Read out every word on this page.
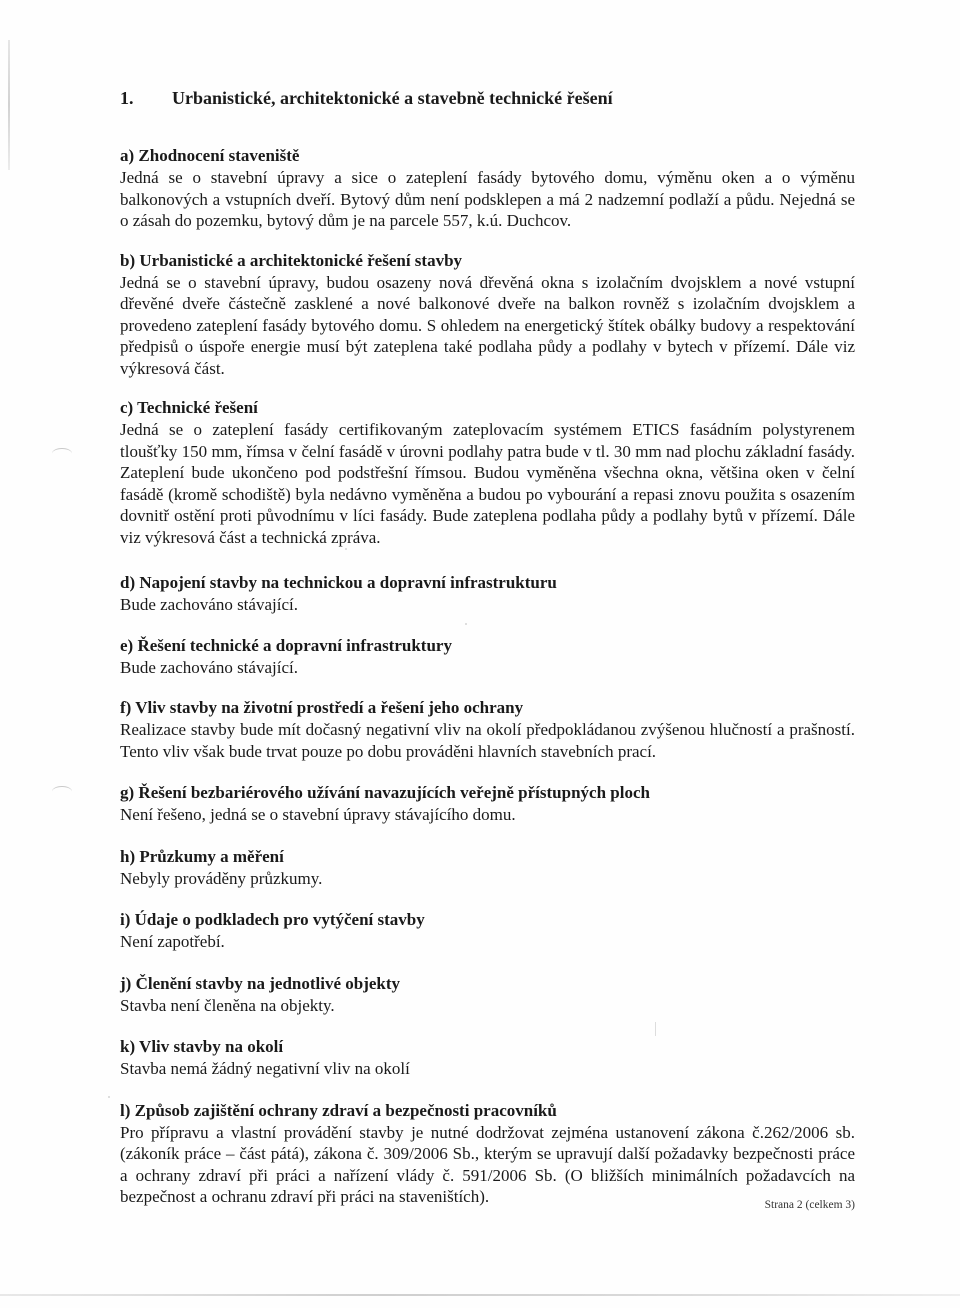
1. Urbanistické, architektonické a stavebně technické řešení

a) Zhodnocení staveniště

Jedná se o stavební úpravy a sice o zateplení fasády bytového domu, výměnu oken a o výměnu balkonových a vstupních dveří. Bytový dům není podsklepen a má 2 nadzemní podlaží a půdu. Nejedná se o zásah do pozemku, bytový dům je na parcele 557, k.ú. Duchcov.

b) Urbanistické a architektonické řešení stavby

Jedná se o stavební úpravy, budou osazeny nová dřevěná okna s izolačním dvojsklem a nové vstupní dřevěné dveře částečně zasklené a nové balkonové dveře na balkon rovněž s izolačním dvojsklem a provedeno zateplení fasády bytového domu. S ohledem na energetický štítek obálky budovy a respektování předpisů o úspoře energie musí být zateplena také podlaha půdy a podlahy v bytech v přízemí. Dále viz výkresová část.

c) Technické řešení

Jedná se o zateplení fasády certifikovaným zateplovacím systémem ETICS fasádním polystyrenem tloušťky 150 mm, římsa v čelní fasádě v úrovni podlahy patra bude v tl. 30 mm nad plochu základní fasády. Zateplení bude ukončeno pod podstřešní římsou. Budou vyměněna všechna okna, většina oken v čelní fasádě (kromě schodiště) byla nedávno vyměněna a budou po vybourání a repasi znovu použita s osazením dovnitř ostění proti původnímu v líci fasády. Bude zateplena podlaha půdy a podlahy bytů v přízemí. Dále viz výkresová část a technická zpráva.

d) Napojení stavby na technickou a dopravní infrastrukturu

Bude zachováno stávající.

e) Řešení technické a dopravní infrastruktury

Bude zachováno stávající.

f) Vliv stavby na životní prostředí a řešení jeho ochrany

Realizace stavby bude mít dočasný negativní vliv na okolí předpokládanou zvýšenou hlučností a prašností. Tento vliv však bude trvat pouze po dobu prováděni hlavních stavebních prací.

g) Řešení bezbariérového užívání navazujících veřejně přístupných ploch

Není řešeno, jedná se o stavební úpravy stávajícího domu.

h) Průzkumy a měření

Nebyly prováděny průzkumy.

i) Údaje o podkladech pro vytýčení stavby

Není zapotřebí.

j) Členění stavby na jednotlivé objekty

Stavba není členěna na objekty.

k) Vliv stavby na okolí

Stavba nemá žádný negativní vliv na okolí

l) Způsob zajištění ochrany zdraví a bezpečnosti pracovníků

Pro přípravu a vlastní provádění stavby je nutné dodržovat zejména ustanovení zákona č.262/2006 sb. (zákoník práce – část pátá), zákona č. 309/2006 Sb., kterým se upravují další požadavky bezpečnosti práce a ochrany zdraví při práci a nařízení vlády č. 591/2006 Sb. (O bližších minimálních požadavcích na bezpečnost a ochranu zdraví při práci na staveništích).	Strana 2 (celkem 3)
